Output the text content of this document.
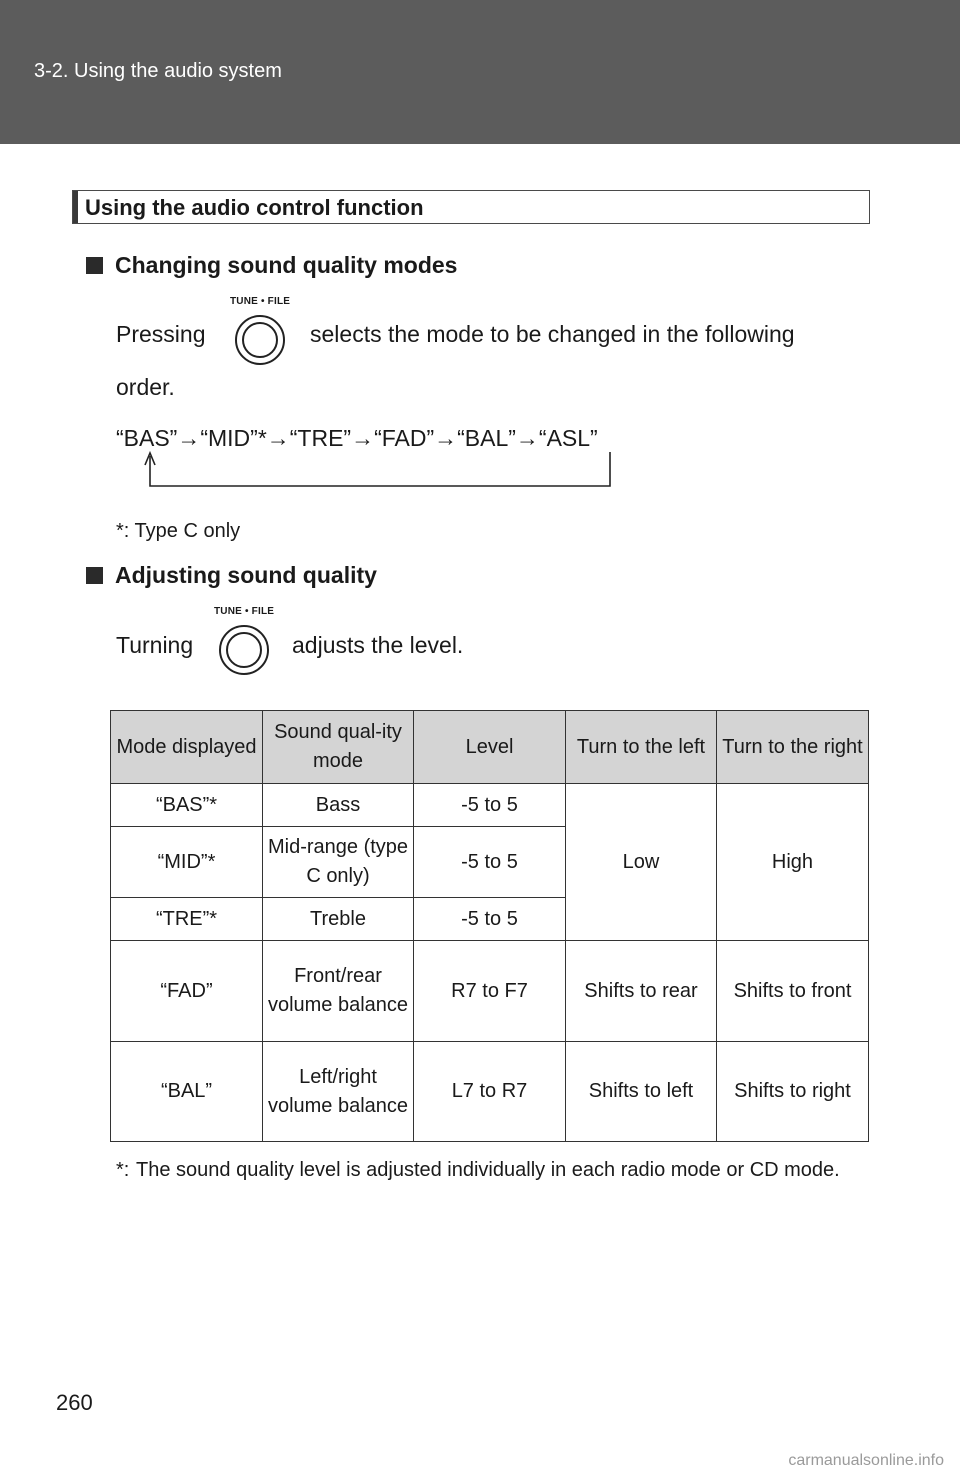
3-2. Using the audio system
Using the audio control function
Changing sound quality modes
Pressing
TUNE • FILE
selects the mode to be changed in the following
order.
“BAS”→“MID”*→“TRE”→“FAD”→“BAL”→“ASL”
*: Type C only
Adjusting sound quality
Turning
TUNE • FILE
adjusts the level.
Mode displayed	Sound qual-ity mode	Level	Turn to the left	Turn to the right
“BAS”*	Bass	-5 to 5	Low	High
“MID”*	Mid-range (type C only)	-5 to 5		
“TRE”*	Treble	-5 to 5		
“FAD”	Front/rear volume balance	R7 to F7	Shifts to rear	Shifts to front
“BAL”	Left/right volume balance	L7 to R7	Shifts to left	Shifts to right
*: The sound quality level is adjusted individually in each radio mode or CD mode.
260
carmanualsonline.info
